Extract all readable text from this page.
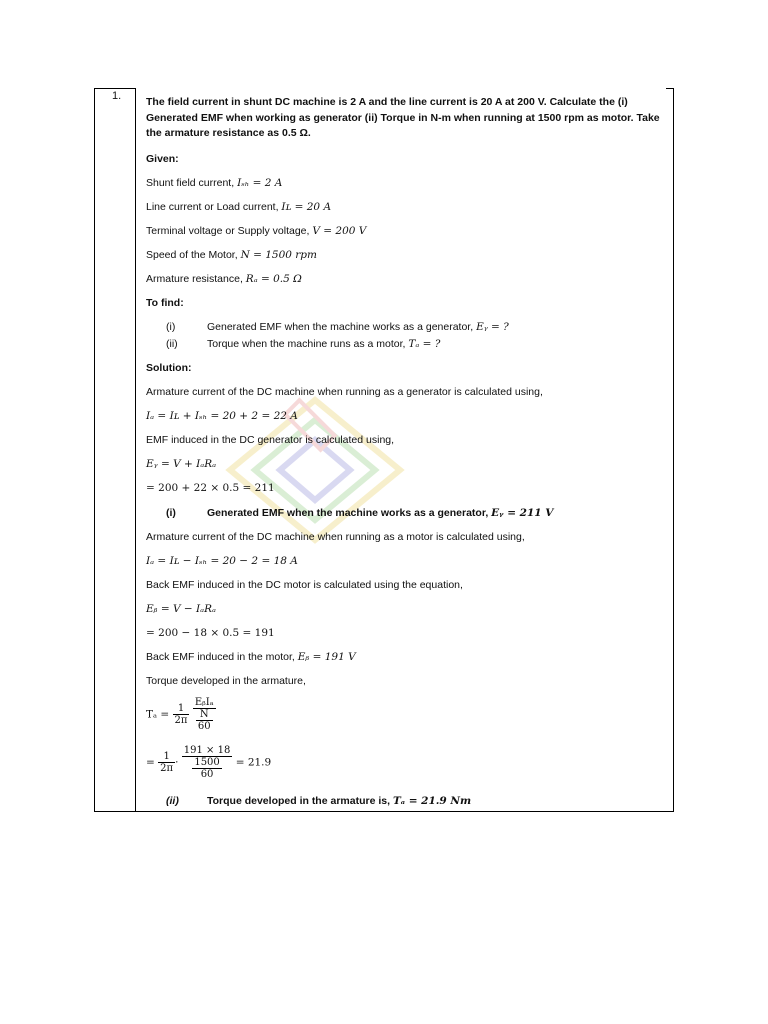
1. The field current in shunt DC machine is 2 A and the line current is 20 A at 200 V. Calculate the (i) Generated EMF when working as generator (ii) Torque in N-m when running at 1500 rpm as motor. Take the armature resistance as 0.5 Ω.
Given:
Shunt field current, Iₛₕ = 2 A
Line current or Load current, Iʟ = 20 A
Terminal voltage or Supply voltage, V = 200 V
Speed of the Motor, N = 1500 rpm
Armature resistance, Rₐ = 0.5 Ω
To find:
(i)	Generated EMF when the machine works as a generator, Eᵧ = ?
(ii)	Torque when the machine runs as a motor, Tₐ = ?
Solution:
Armature current of the DC machine when running as a generator is calculated using,
Iₐ = Iʟ + Iₛₕ = 20 + 2 = 22 A
EMF induced in the DC generator is calculated using,
Eᵧ = V + IₐRₐ
= 200 + 22 × 0.5 = 211
(i)	Generated EMF when the machine works as a generator, Eᵧ = 211 V
Armature current of the DC machine when running as a motor is calculated using,
Iₐ = Iʟ − Iₛₕ = 20 − 2 = 18 A
Back EMF induced in the DC motor is calculated using the equation,
Eᵦ = V − IₐRₐ
= 200 − 18 × 0.5 = 191
Back EMF induced in the motor, Eᵦ = 191 V
Torque developed in the armature,
$T_a = \frac{1}{2\pi}$
$\frac{\text{EᵦIₐ}}{\frac{N}{60}}$
= $\frac{1}{2\pi} \cdot \frac{191 \times 18}{\frac{1500}{60}} = 21.9$
(ii)	Torque developed in the armature is, Tₐ = 21.9 Nm
